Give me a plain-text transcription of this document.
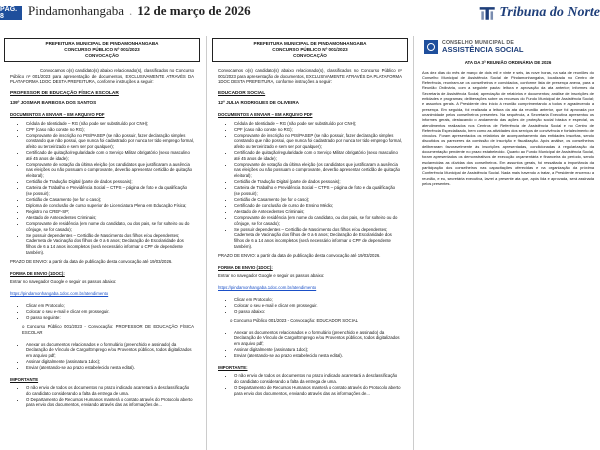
PÁG. 8	Pindamonhangaba . 12 de março de 2026	Tribuna do Norte
PREFEITURA MUNICIPAL DE PINDAMONHANGABA
CONCURSO PÚBLICO Nº 001/2023
CONVOCAÇÃO

Convocamos o(s) candidato(s) abaixo relacionado(s), classificados no Concurso Público nº 001/2023 para apresentação de documentos, EXCLUSIVAMENTE ATRAVÉS DA PLATAFORMA 1DOC DESTA PREFEITURA, conforme instruções a seguir:

PROFESSOR DE EDUCAÇÃO FÍSICA ESCOLAR
139º JOSMAR BARBOSA DOS SANTOS
DOCUMENTOS A ENVIAR – EM ARQUIVO PDF
• Cédula de Identidade – RG (não pode ser substituído por CNH);
• CPF (caso não conste no RG);
• Comprovante de inscrição no PIS/PASEP (se não possuir, fazer declaração simples constando que não possui, que nunca foi cadastrado por nunca ter tido emprego formal, afeito ou terceirizado e sem ser por qualquer);
• Certificado de quitação/regularidade com o Serviço Militar obrigatório (sexo masculino até 45 anos de idade);
• Comprovante de votação da última eleição (os candidatos que justificaram a ausência nas eleições ou não possuam o comprovante, deverão apresentar certidão de quitação eleitoral);
• Certidão de Tradução Digital (parte de dados pessoais);
• Carteira de Trabalho e Previdência Social – CTPS – página de foto e da qualificação (se possuir);
• Certidão de Casamento (se for o caso);
• Diploma de conclusão de curso superior de Licenciatura Plena em Educação Física;
• Registro no CREF-SP;
• Atestado de Antecedentes Criminais;
• Comprovante de residência (em nome do candidato, ou dos pais, se for solteiro ou do cônjuge, se for casado);
• Se possuir dependentes – Certidão de Nascimento dos filhos e/ou dependentes; Caderneta de Vacinação dos filhos de 0 a 6 anos; Declaração de Escolaridade dos filhos de 6 a 14 anos incompletos (será necessário informar o CPF de dependente também).

PRAZO DE ENVIO: a partir da data de publicação desta convocação até 19/03/2026.

FORMA DE ENVIO (1DOC):

Entrar no navegador Google e seguir os passos abaixo:

https://pindamonhangaba.1doc.com.br/atendimento

• Clicar em Protocolo;
• Colocar o seu e-mail e clicar em prosseguir.
• O passo seguinte:

o Concurso Público 001/2023 - Convocação: PROFESSOR DE EDUCAÇÃO FÍSICA ESCOLAR

• Anexar os documentos relacionados e o formulário (preenchido e assinado) da Declaração de Vínculo de Cargo/Emprego e/ou Proventos públicos, todos digitalizados em arquivo pdf;
• Assinar digitalmente (assinatura 1doc);
• Enviar (atentando-se ao prazo estabelecido nesta edital).
IMPORTANTE
• O não envio de todos os documentos no prazo indicado acarretará a desclassificação do candidato considerando a falta da entrega de uma.
• O Departamento de Recursos Humanos manterá o contato através do Protocolo aberto para envio dos documentos, enviando através das as informações de...
PREFEITURA MUNICIPAL DE PINDAMONHANGABA
CONCURSO PÚBLICO Nº 001/2023
CONVOCAÇÃO

Convocamos o(s) candidato(s) abaixo relacionado(s), classificados no Concurso Público nº 001/2023 para apresentação de documentos, EXCLUSIVAMENTE ATRAVÉS DA PLATAFORMA 1DOC DESTA PREFEITURA, conforme instruções a seguir:

EDUCADOR SOCIAL
12º JULIA RODRIGUES DE OLIVEIRA
DOCUMENTOS A ENVIAR – EM ARQUIVO PDF
• Cédula de Identidade – RG (não pode ser substituído por CNH);
• CPF (caso não conste no RG);
• Comprovante de inscrição no PIS/PASEP (se não possuir, fazer declaração simples constando que não possui, que nunca foi cadastrado por nunca ter tido emprego formal, afeito ou terceirizado e sem ser por qualquer);
• Certificado de quitação/regularidade com o Serviço Militar obrigatório (sexo masculino até 45 anos de idade);
• Comprovante de votação da última eleição (os candidatos que justificaram a ausência nas eleições ou não possuam o comprovante, deverão apresentar certidão de quitação eleitoral);
• Certidão de Tradução Digital (parte de dados pessoais);
• Carteira de Trabalho e Previdência Social – CTPS – página de foto e da qualificação (se possuir);
• Certidão de Casamento (se for o caso);
• Certificado de conclusão de curso de Ensino Médio;
• Atestado de Antecedentes Criminais;
• Comprovante de residência (em nome do candidato, ou dos pais, se for solteiro ou do cônjuge, se for casado);
• Se possuir dependentes – Certidão de Nascimento dos filhos e/ou dependentes; Caderneta de Vacinação dos filhos de 0 a 6 anos; Declaração de Escolaridade dos filhos de 6 a 14 anos incompletos (será necessário informar o CPF de dependente também).

PRAZO DE ENVIO: a partir da data de publicação desta convocação até 19/03/2026.

FORMA DE ENVIO (1DOC):

Entrar no navegador Google e seguir os passos abaixo:

https://pindamonhangaba.1doc.com.br/atendimento

• Clicar em Protocolo;
• Colocar o seu e-mail e clicar em prosseguir.
• O passo abaixo:

o Concurso Público 001/2023 - Convocação: EDUCADOR SOCIAL

• Anexar os documentos relacionados e o formulário (preenchido e assinado) da Declaração de Vínculo de Cargo/Emprego e/ou Proventos públicos, todos digitalizados em arquivo pdf;
• Assinar digitalmente (assinatura 1doc);
• Enviar (atentando-se ao prazo estabelecido nesta edital).
IMPORTANTE:
• O não envio de todos os documentos no prazo indicado acarretará a desclassificação do candidato considerando a falta da entrega de uma.
• O Departamento de Recursos Humanos manterá o contato através do Protocolo aberto para envio dos documentos, enviando através das as informações de...
CONSELHO MUNICIPAL DE
ASSISTÊNCIA SOCIAL
ATA DA 3ª REUNIÃO ORDINÁRIA DE 2026

Aos dez dias do mês de março de dois mil e vinte e seis, às nove horas, na sala de reuniões do Conselho Municipal de Assistência Social de Pindamonhangaba, localizada no Centro de Referência, reuniram-se os conselheiros e convidados, conforme lista de presença anexa, para a Reunião Ordinária, com a seguinte pauta: leitura e aprovação da ata anterior; informes da Secretaria de Assistência Social; apreciação de relatórios e documentos; análise de inscrições de entidades e programas; deliberações sobre os recursos do Fundo Municipal de Assistência Social; e assuntos gerais. A Presidente deu início à reunião cumprimentando a todos e agradecendo a presença. Em seguida, foi realizada a leitura da ata da reunião anterior, que foi aprovada por unanimidade pelos conselheiros presentes. Na sequência, a Secretaria Executiva apresentou os informes gerais, destacando o andamento das ações de proteção social básica e especial, os atendimentos realizados nos Centros de Referência de Assistência Social e no Centro de Referência Especializado, bem como as atividades dos serviços de convivência e fortalecimento de vínculos. Foram apresentados os relatórios de acompanhamento das entidades inscritas, sendo discutidos os pareceres da comissão de inscrição e fiscalização. Após análise, os conselheiros deliberaram favoravelmente às inscrições apresentadas, condicionadas à regularização da documentação pendente no prazo estabelecido. Quanto ao Fundo Municipal de Assistência Social, foram apresentados os demonstrativos de execução orçamentária e financeira do período, sendo esclarecidas as dúvidas dos conselheiros. Em assuntos gerais, foi ressaltada a importância da participação dos conselheiros nas capacitações oferecidas e na organização da próxima Conferência Municipal de Assistência Social. Nada mais havendo a tratar, a Presidente encerrou a reunião, e eu, secretária executiva, lavrei a presente ata que, após lida e aprovada, será assinada pelos presentes.
